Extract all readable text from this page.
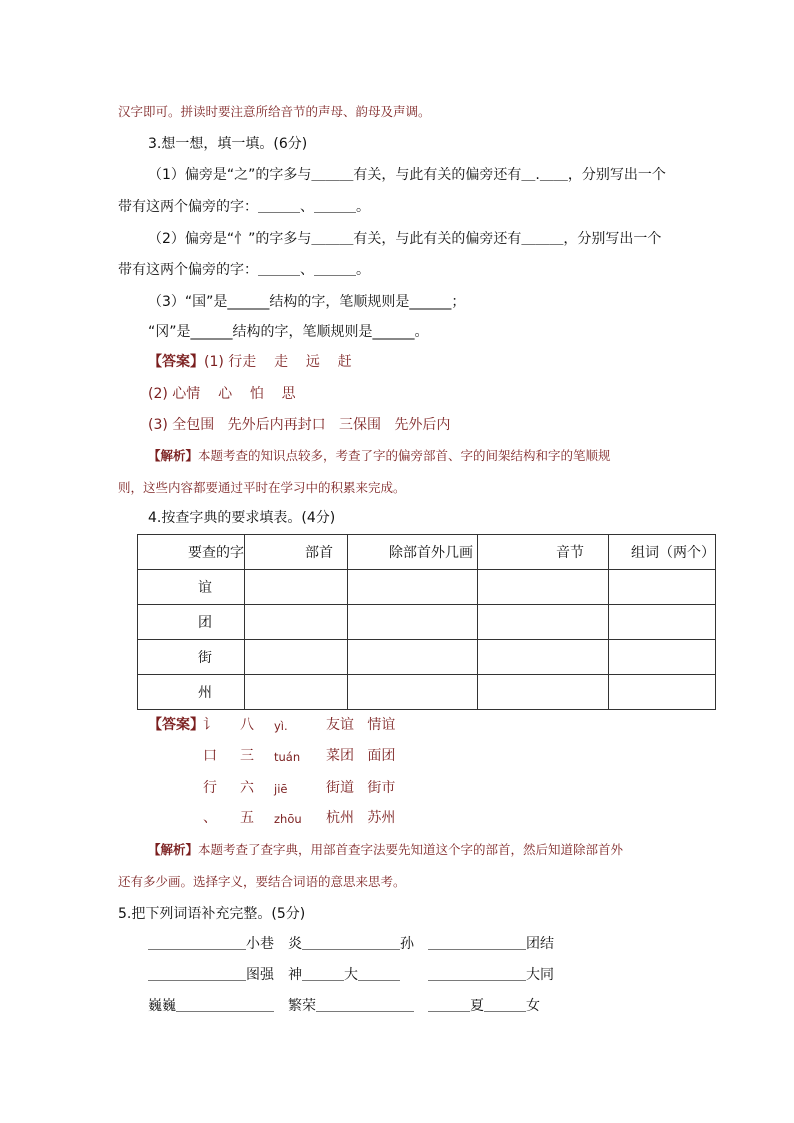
汉字即可。拼读时要注意所给音节的声母、韵母及声调。
3.想一想，填一填。(6分)
（1）偏旁是“之”的字多与＿＿＿有关，与此有关的偏旁还有＿.＿＿，分别写出一个
带有这两个偏旁的字：＿＿＿、＿＿＿。
（2）偏旁是“忄”的字多与＿＿＿有关，与此有关的偏旁还有＿＿＿，分别写出一个
带有这两个偏旁的字：＿＿＿、＿＿＿。
（3）“国”是______结构的字，笔顺规则是______；
“冈”是______结构的字，笔顺规则是______。
【答案】(1) 行走    走    远    赶
(2) 心情    心    怕    思
(3) 全包围   先外后内再封口   三保围   先外后内
【解析】本题考查的知识点较多，考查了字的偏旁部首、字的间架结构和字的笔顺规
则，这些内容都要通过平时在学习中的积累来完成。
4.按查字典的要求填表。(4分)
要查的字	部首	除部首外几画	音节	组词（两个）
谊				
团				
街				
州				
【答案】 讠 八 yì.	友谊   情谊
口 三 tuán 菜团   面团
行 六 jiē	街道   街市
、 五 zhōu 杭州   苏州
【解析】本题考查了查字典，用部首查字法要先知道这个字的部首，然后知道除部首外
还有多少画。选择字义，要结合词语的意思来思考。
5.把下列词语补充完整。(5分)
＿＿＿＿＿＿＿小巷 炎＿＿＿＿＿＿＿孙 ＿＿＿＿＿＿＿团结
＿＿＿＿＿＿＿图强 神＿＿＿大＿＿＿ ＿＿＿＿＿＿＿大同
巍巍＿＿＿＿＿＿＿ 繁荣＿＿＿＿＿＿＿ ＿＿＿夏＿＿＿女
